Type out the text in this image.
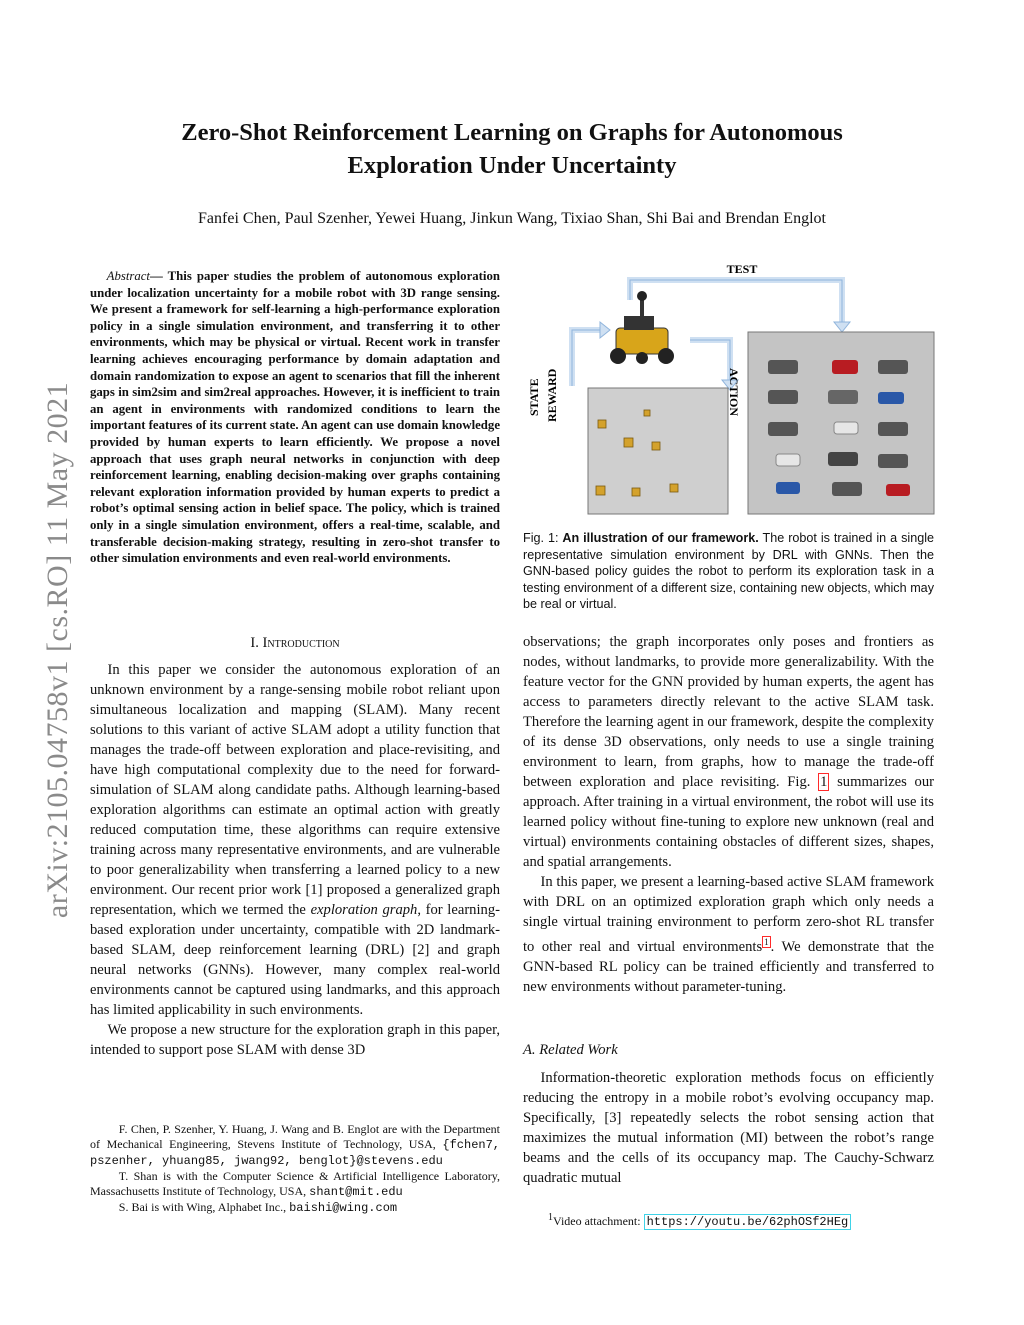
arXiv:2105.04758v1 [cs.RO] 11 May 2021
Zero-Shot Reinforcement Learning on Graphs for Autonomous
Exploration Under Uncertainty
Fanfei Chen, Paul Szenher, Yewei Huang, Jinkun Wang, Tixiao Shan, Shi Bai and Brendan Englot
Abstract— This paper studies the problem of autonomous exploration under localization uncertainty for a mobile robot with 3D range sensing. We present a framework for self-learning a high-performance exploration policy in a single simulation environment, and transferring it to other environments, which may be physical or virtual. Recent work in transfer learning achieves encouraging performance by domain adaptation and domain randomization to expose an agent to scenarios that fill the inherent gaps in sim2sim and sim2real approaches. However, it is inefficient to train an agent in environments with randomized conditions to learn the important features of its current state. An agent can use domain knowledge provided by human experts to learn efficiently. We propose a novel approach that uses graph neural networks in conjunction with deep reinforcement learning, enabling decision-making over graphs containing relevant exploration information provided by human experts to predict a robot’s optimal sensing action in belief space. The policy, which is trained only in a single simulation environment, offers a real-time, scalable, and transferable decision-making strategy, resulting in zero-shot transfer to other simulation environments and even real-world environments.
I. Introduction

In this paper we consider the autonomous exploration of an unknown environment by a range-sensing mobile robot reliant upon simultaneous localization and mapping (SLAM). Many recent solutions to this variant of active SLAM adopt a utility function that manages the trade-off between exploration and place-revisiting, and have high computational complexity due to the need for forward-simulation of SLAM along candidate paths. Although learning-based exploration algorithms can estimate an optimal action with greatly reduced computation time, these algorithms can require extensive training across many representative environments, and are vulnerable to poor generalizability when transferring a learned policy to a new environment. Our recent prior work [1] proposed a generalized graph representation, which we termed the exploration graph, for learning-based exploration under uncertainty, compatible with 2D landmark-based SLAM, deep reinforcement learning (DRL) [2] and graph neural networks (GNNs). However, many complex real-world environments cannot be captured using landmarks, and this approach has limited applicability in such environments.

We propose a new structure for the exploration graph in this paper, intended to support pose SLAM with dense 3D

F. Chen, P. Szenher, Y. Huang, J. Wang and B. Englot are with the Department of Mechanical Engineering, Stevens Institute of Technology, USA, {fchen7, pszenher, yhuang85, jwang92, benglot}@stevens.edu

T. Shan is with the Computer Science & Artificial Intelligence Laboratory, Massachusetts Institute of Technology, USA, shant@mit.edu

S. Bai is with Wing, Alphabet Inc., baishi@wing.com

TEST
STATE REWARD	ACTION
Fig. 1: An illustration of our framework. The robot is trained in a single representative simulation environment by DRL with GNNs. Then the GNN-based policy guides the robot to perform its exploration task in a testing environment of a different size, containing new objects, which may be real or virtual.

observations; the graph incorporates only poses and frontiers as nodes, without landmarks, to provide more generalizability. With the feature vector for the GNN provided by human experts, the agent has access to parameters directly relevant to the active SLAM task. Therefore the learning agent in our framework, despite the complexity of its dense 3D observations, only needs to use a single training environment to learn, from graphs, how to manage the trade-off between exploration and place revisiting. Fig. 1 summarizes our approach. After training in a virtual environment, the robot will use its learned policy without fine-tuning to explore new unknown (real and virtual) environments containing obstacles of different sizes, shapes, and spatial arrangements.

In this paper, we present a learning-based active SLAM framework with DRL on an optimized exploration graph which only needs a single virtual training environment to perform zero-shot RL transfer to other real and virtual environments $^1$ . We demonstrate that the GNN-based RL policy can be trained efficiently and transferred to new environments without parameter-tuning.

A. Related Work

Information-theoretic exploration methods focus on efficiently reducing the entropy in a mobile robot’s evolving occupancy map. Specifically, [3] repeatedly selects the robot sensing action that maximizes the mutual information (MI) between the robot’s range beams and the cells of its occupancy map. The Cauchy-Schwarz quadratic mutual

$^1$Video attachment: https://youtu.be/62phOSf2HEg
